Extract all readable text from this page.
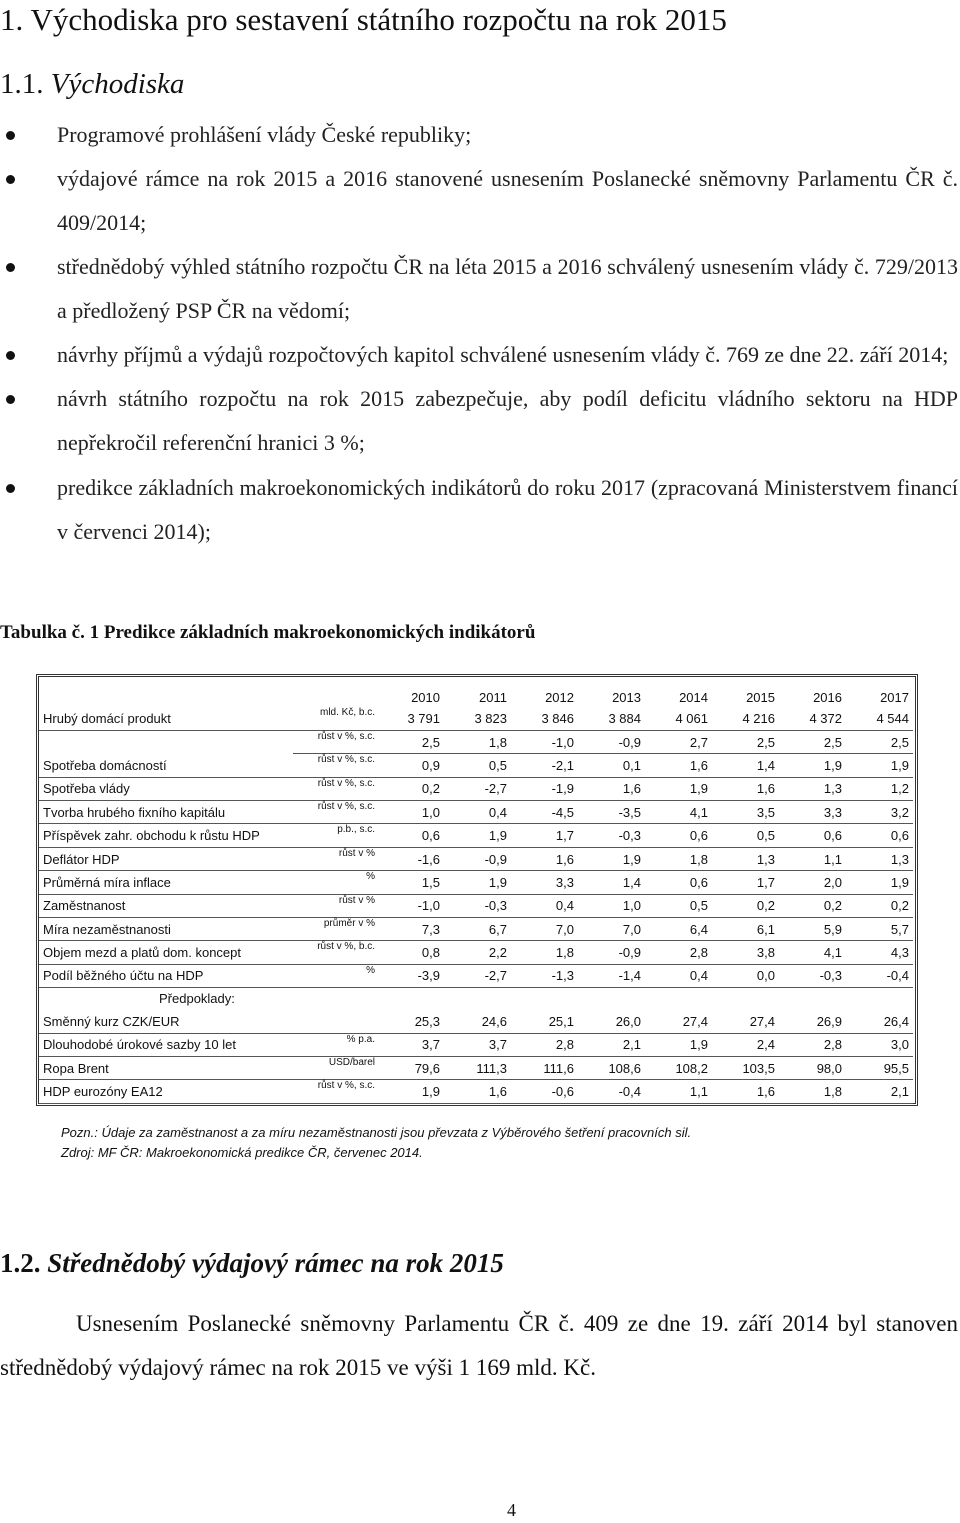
1. Východiska pro sestavení státního rozpočtu na rok 2015
1.1. Východiska
Programové prohlášení vlády České republiky;
výdajové rámce na rok 2015 a 2016 stanovené usnesením Poslanecké sněmovny Parlamentu ČR č. 409/2014;
střednědobý výhled státního rozpočtu ČR na léta 2015 a 2016 schválený usnesením vlády č. 729/2013 a předložený PSP ČR na vědomí;
návrhy příjmů a výdajů rozpočtových kapitol schválené usnesením vlády č. 769 ze dne 22. září 2014;
návrh státního rozpočtu na rok 2015 zabezpečuje, aby podíl deficitu vládního sektoru na HDP nepřekročil referenční hranici 3 %;
predikce základních makroekonomických indikátorů do roku 2017 (zpracovaná Ministerstvem financí v červenci 2014);
Tabulka č. 1 Predikce základních makroekonomických indikátorů
		2010	2011	2012	2013	2014	2015	2016	2017
Hrubý domácí produkt	mld. Kč, b.c.	3 791	3 823	3 846	3 884	4 061	4 216	4 372	4 544
	růst v %, s.c.	2,5	1,8	-1,0	-0,9	2,7	2,5	2,5	2,5
Spotřeba domácností	růst v %, s.c.	0,9	0,5	-2,1	0,1	1,6	1,4	1,9	1,9
Spotřeba vlády	růst v %, s.c.	0,2	-2,7	-1,9	1,6	1,9	1,6	1,3	1,2
Tvorba hrubého fixního kapitálu	růst v %, s.c.	1,0	0,4	-4,5	-3,5	4,1	3,5	3,3	3,2
Příspěvek zahr. obchodu k růstu HDP	p.b., s.c.	0,6	1,9	1,7	-0,3	0,6	0,5	0,6	0,6
Deflátor HDP	růst v %	-1,6	-0,9	1,6	1,9	1,8	1,3	1,1	1,3
Průměrná míra inflace	%	1,5	1,9	3,3	1,4	0,6	1,7	2,0	1,9
Zaměstnanost	růst v %	-1,0	-0,3	0,4	1,0	0,5	0,2	0,2	0,2
Míra nezaměstnanosti	průměr v %	7,3	6,7	7,0	7,0	6,4	6,1	5,9	5,7
Objem mezd a platů dom. koncept	růst v %, b.c.	0,8	2,2	1,8	-0,9	2,8	3,8	4,1	4,3
Podíl běžného účtu na HDP	%	-3,9	-2,7	-1,3	-1,4	0,4	0,0	-0,3	-0,4
Předpoklady:									
Směnný kurz CZK/EUR		25,3	24,6	25,1	26,0	27,4	27,4	26,9	26,4
Dlouhodobé úrokové sazby 10 let	% p.a.	3,7	3,7	2,8	2,1	1,9	2,4	2,8	3,0
Ropa Brent	USD/barel	79,6	111,3	111,6	108,6	108,2	103,5	98,0	95,5
HDP eurozóny EA12	růst v %, s.c.	1,9	1,6	-0,6	-0,4	1,1	1,6	1,8	2,1
Pozn.: Údaje za zaměstnanost a za míru nezaměstnanosti jsou převzata z Výběrového šetření pracovních sil.
Zdroj: MF ČR: Makroekonomická predikce ČR, červenec 2014.
1.2. Střednědobý výdajový rámec na rok 2015

Usnesením Poslanecké sněmovny Parlamentu ČR č. 409 ze dne 19. září 2014 byl stanoven střednědobý výdajový rámec na rok 2015 ve výši 1 169 mld. Kč.

4
